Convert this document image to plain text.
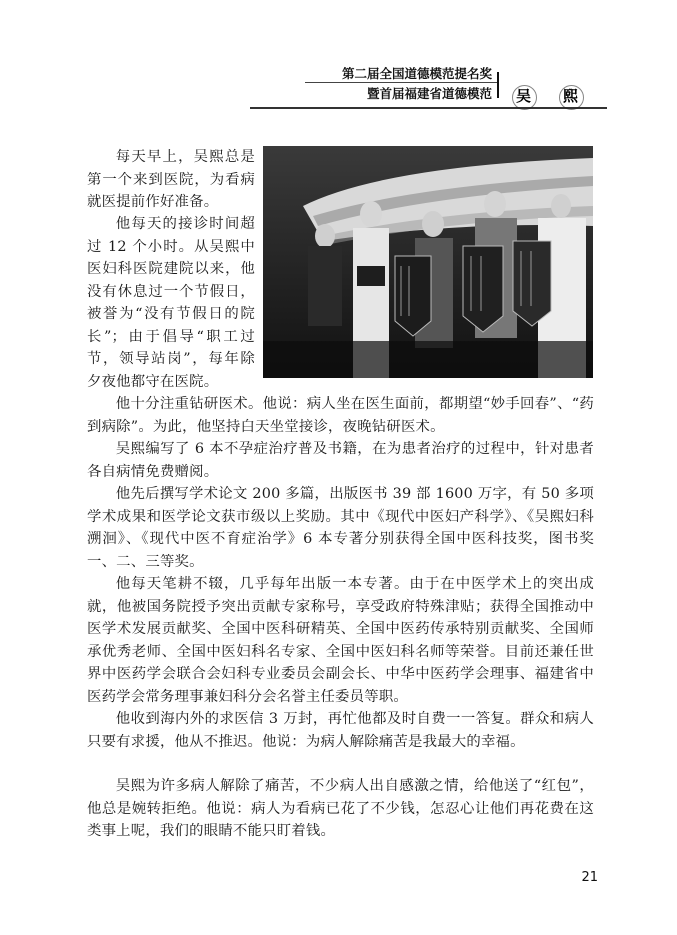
第二届全国道德模范提名奖
暨首届福建省道德模范 吴 熙

每天早上，吴熙总是第一个来到医院，为看病就医提前作好准备。

他每天的接诊时间超过 12 个小时。从吴熙中医妇科医院建院以来，他没有休息过一个节假日，被誉为“没有节假日的院长”；由于倡导“职工过节，领导站岗”，每年除夕夜他都守在医院。

他十分注重钻研医术。他说：病人坐在医生面前，都期望“妙手回春”、“药到病除”。为此，他坚持白天坐堂接诊，夜晚钻研医术。

吴熙编写了 6 本不孕症治疗普及书籍，在为患者治疗的过程中，针对患者各自病情免费赠阅。

他先后撰写学术论文 200 多篇，出版医书 39 部 1600 万字，有 50 多项学术成果和医学论文获市级以上奖励。其中《现代中医妇产科学》、《吴熙妇科溯洄》、《现代中医不育症治学》6 本专著分别获得全国中医科技奖，图书奖一、二、三等奖。

他每天笔耕不辍，几乎每年出版一本专著。由于在中医学术上的突出成就，他被国务院授予突出贡献专家称号，享受政府特殊津贴；获得全国推动中医学术发展贡献奖、全国中医科研精英、全国中医药传承特别贡献奖、全国师承优秀老师、全国中医妇科名专家、全国中医妇科名师等荣誉。目前还兼任世界中医药学会联合会妇科专业委员会副会长、中华中医药学会理事、福建省中医药学会常务理事兼妇科分会名誉主任委员等职。

他收到海内外的求医信 3 万封，再忙他都及时自费一一答复。群众和病人只要有求援，他从不推迟。他说：为病人解除痛苦是我最大的幸福。

吴熙为许多病人解除了痛苦，不少病人出自感激之情，给他送了“红包”，他总是婉转拒绝。他说：病人为看病已花了不少钱，怎忍心让他们再花费在这类事上呢，我们的眼睛不能只盯着钱。

21
